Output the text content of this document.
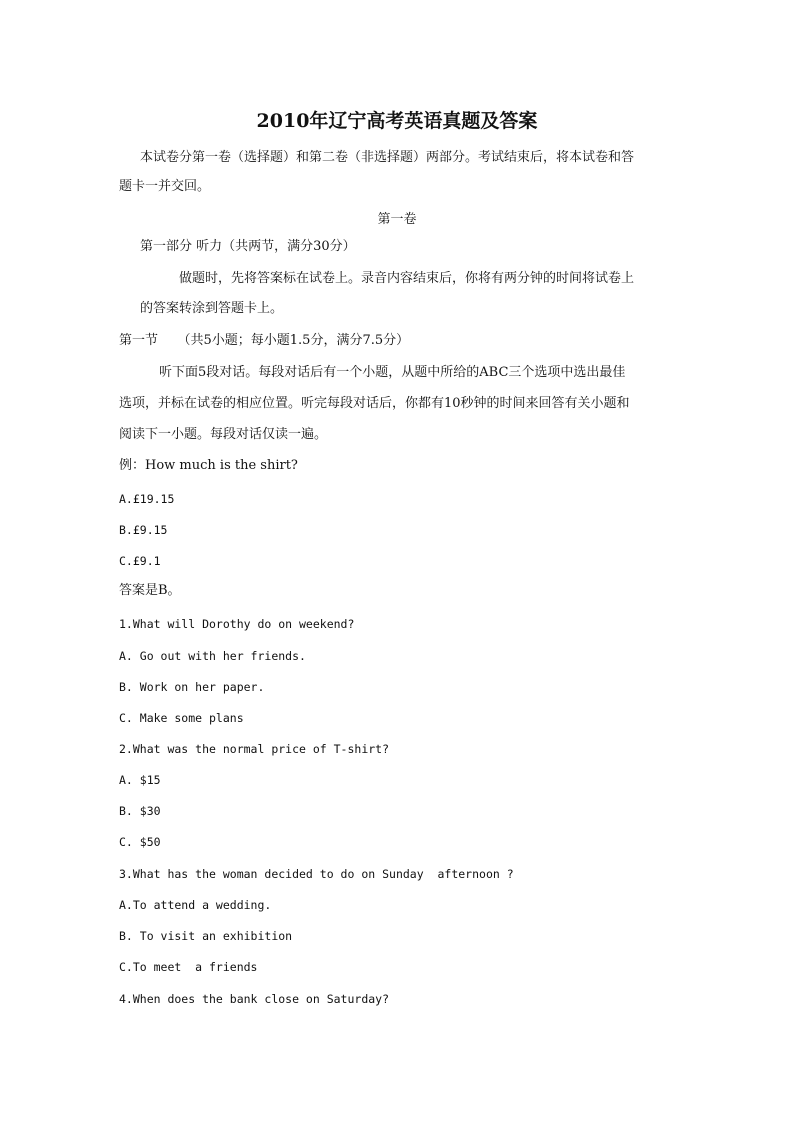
2010年辽宁高考英语真题及答案
本试卷分第一卷（选择题）和第二卷（非选择题）两部分。考试结束后，将本试卷和答
题卡一并交回。
第一卷
第一部分 听力（共两节，满分30分）
做题时，先将答案标在试卷上。录音内容结束后，你将有两分钟的时间将试卷上
的答案转涂到答题卡上。
第一节　　（共5小题；每小题1.5分，满分7.5分）
听下面5段对话。每段对话后有一个小题，从题中所给的ABC三个选项中选出最佳
选项，并标在试卷的相应位置。听完每段对话后，你都有10秒钟的时间来回答有关小题和
阅读下一小题。每段对话仅读一遍。
例：How much is the shirt?
A.£19.15
B.£9.15
C.£9.1
答案是B。
1.What will Dorothy do on weekend?
A. Go out with her friends.
B. Work on her paper.
C. Make some plans
2.What was the normal price of T-shirt?
A. $15
B. $30
C. $50
3.What has the woman decided to do on Sunday  afternoon ?
A.To attend a wedding.
B. To visit an exhibition
C.To meet  a friends
4.When does the bank close on Saturday?
